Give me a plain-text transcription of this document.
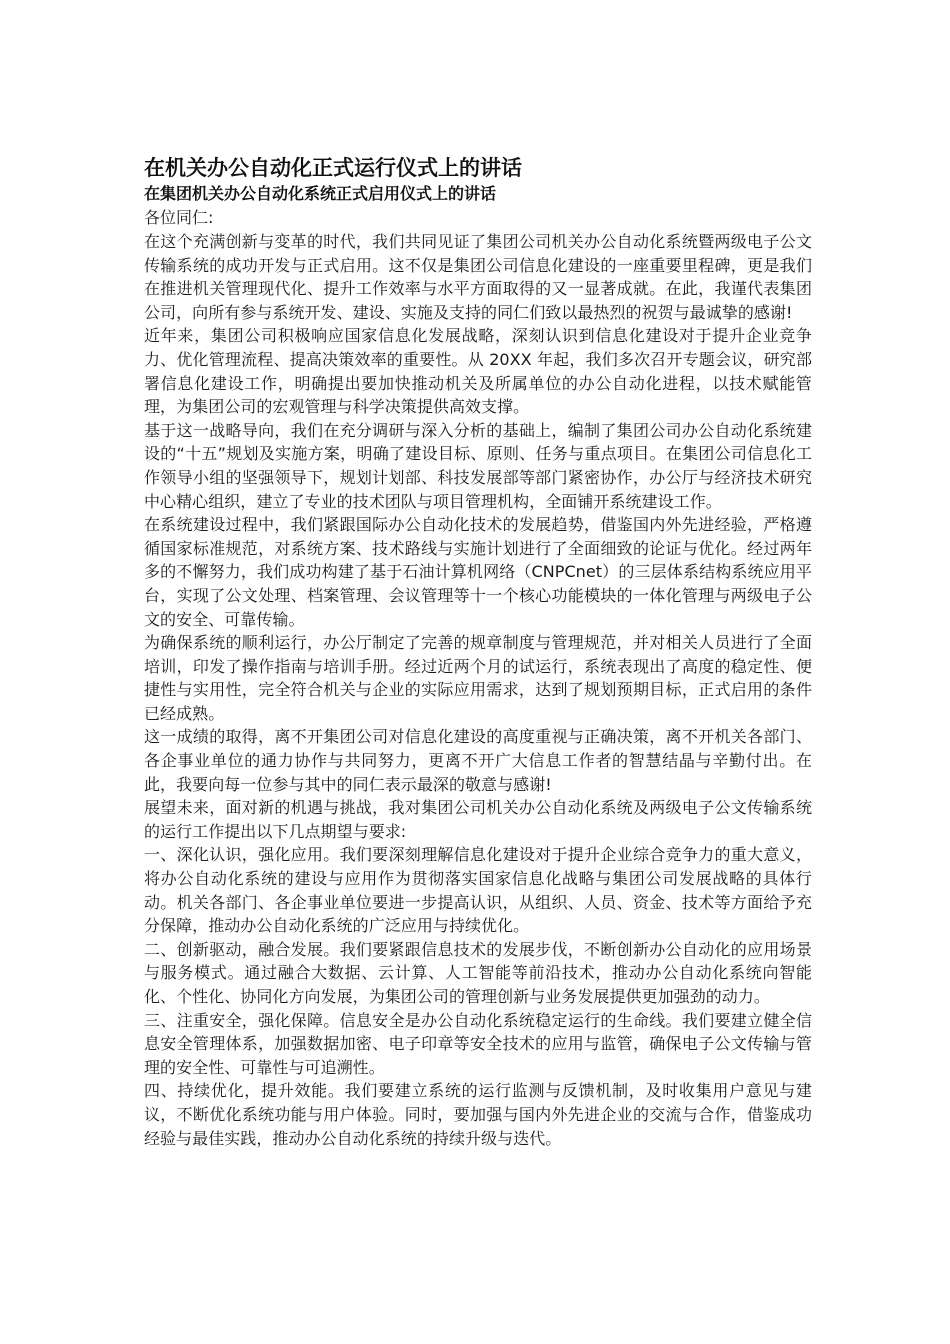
在机关办公自动化正式运行仪式上的讲话
在集团机关办公自动化系统正式启用仪式上的讲话

各位同仁:

在这个充满创新与变革的时代，我们共同见证了集团公司机关办公自动化系统暨两级电子公文传输系统的成功开发与正式启用。这不仅是集团公司信息化建设的一座重要里程碑，更是我们在推进机关管理现代化、提升工作效率与水平方面取得的又一显著成就。在此，我谨代表集团公司，向所有参与系统开发、建设、实施及支持的同仁们致以最热烈的祝贺与最诚挚的感谢!

近年来，集团公司积极响应国家信息化发展战略，深刻认识到信息化建设对于提升企业竞争力、优化管理流程、提高决策效率的重要性。从 20XX 年起，我们多次召开专题会议，研究部署信息化建设工作，明确提出要加快推动机关及所属单位的办公自动化进程，以技术赋能管理，为集团公司的宏观管理与科学决策提供高效支撑。

基于这一战略导向，我们在充分调研与深入分析的基础上，编制了集团公司办公自动化系统建设的“十五”规划及实施方案，明确了建设目标、原则、任务与重点项目。在集团公司信息化工作领导小组的坚强领导下，规划计划部、科技发展部等部门紧密协作，办公厅与经济技术研究中心精心组织，建立了专业的技术团队与项目管理机构，全面铺开系统建设工作。

在系统建设过程中，我们紧跟国际办公自动化技术的发展趋势，借鉴国内外先进经验，严格遵循国家标准规范，对系统方案、技术路线与实施计划进行了全面细致的论证与优化。经过两年多的不懈努力，我们成功构建了基于石油计算机网络（CNPCnet）的三层体系结构系统应用平台，实现了公文处理、档案管理、会议管理等十一个核心功能模块的一体化管理与两级电子公文的安全、可靠传输。

为确保系统的顺利运行，办公厅制定了完善的规章制度与管理规范，并对相关人员进行了全面培训，印发了操作指南与培训手册。经过近两个月的试运行，系统表现出了高度的稳定性、便捷性与实用性，完全符合机关与企业的实际应用需求，达到了规划预期目标，正式启用的条件已经成熟。

这一成绩的取得，离不开集团公司对信息化建设的高度重视与正确决策，离不开机关各部门、各企事业单位的通力协作与共同努力，更离不开广大信息工作者的智慧结晶与辛勤付出。在此，我要向每一位参与其中的同仁表示最深的敬意与感谢!

展望未来，面对新的机遇与挑战，我对集团公司机关办公自动化系统及两级电子公文传输系统的运行工作提出以下几点期望与要求:

一、深化认识，强化应用。我们要深刻理解信息化建设对于提升企业综合竞争力的重大意义，将办公自动化系统的建设与应用作为贯彻落实国家信息化战略与集团公司发展战略的具体行动。机关各部门、各企事业单位要进一步提高认识，从组织、人员、资金、技术等方面给予充分保障，推动办公自动化系统的广泛应用与持续优化。

二、创新驱动，融合发展。我们要紧跟信息技术的发展步伐，不断创新办公自动化的应用场景与服务模式。通过融合大数据、云计算、人工智能等前沿技术，推动办公自动化系统向智能化、个性化、协同化方向发展，为集团公司的管理创新与业务发展提供更加强劲的动力。

三、注重安全，强化保障。信息安全是办公自动化系统稳定运行的生命线。我们要建立健全信息安全管理体系，加强数据加密、电子印章等安全技术的应用与监管，确保电子公文传输与管理的安全性、可靠性与可追溯性。

四、持续优化，提升效能。我们要建立系统的运行监测与反馈机制，及时收集用户意见与建议，不断优化系统功能与用户体验。同时，要加强与国内外先进企业的交流与合作，借鉴成功经验与最佳实践，推动办公自动化系统的持续升级与迭代。
